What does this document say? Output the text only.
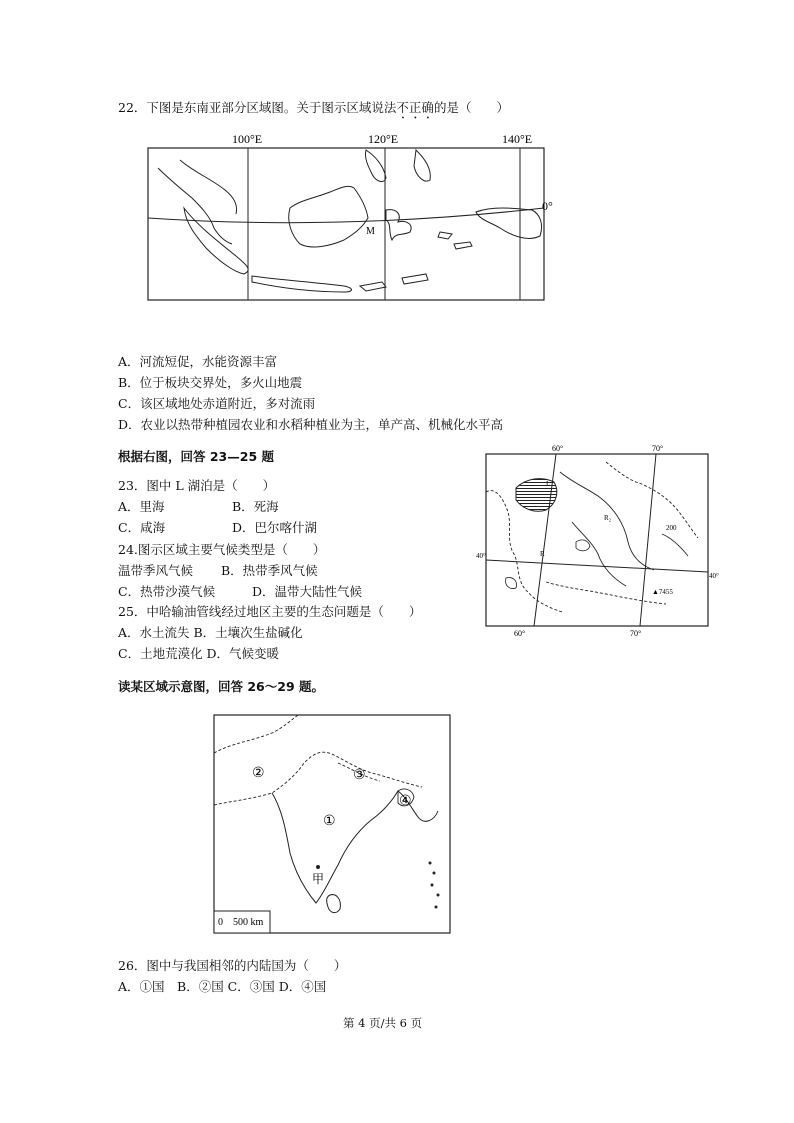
22．下图是东南亚部分区域图。关于图示区域说法不正确的是（　　）
100°E	120°E	140°E
0°
M
A．河流短促，水能资源丰富
B．位于板块交界处，多火山地震
C．该区域地处赤道附近，多对流雨
D．农业以热带种植园农业和水稻种植业为主，单产高、机械化水平高
根据右图，回答 23—25 题
23．图中 L 湖泊是（　　）
A．里海	B．死海
C．咸海	D．巴尔喀什湖
24.图示区域主要气候类型是（　　）
温带季风气候 B．热带季风气候
C．热带沙漠气候	D．温带大陆性气候
25．中哈输油管线经过地区主要的生态问题是（　　）
A．水土流失 B．土壤次生盐碱化
C．土地荒漠化 D．气候变暖
60°	70°
60°	70°
40°
40°
R
R₂
200
▲7455
读某区域示意图，回答 26～29 题。
②	③
①
④
甲
0　500 km
26．图中与我国相邻的内陆国为（　　）
A．①国　B．②国 C．③国 D．④国
第 4 页/共 6 页
